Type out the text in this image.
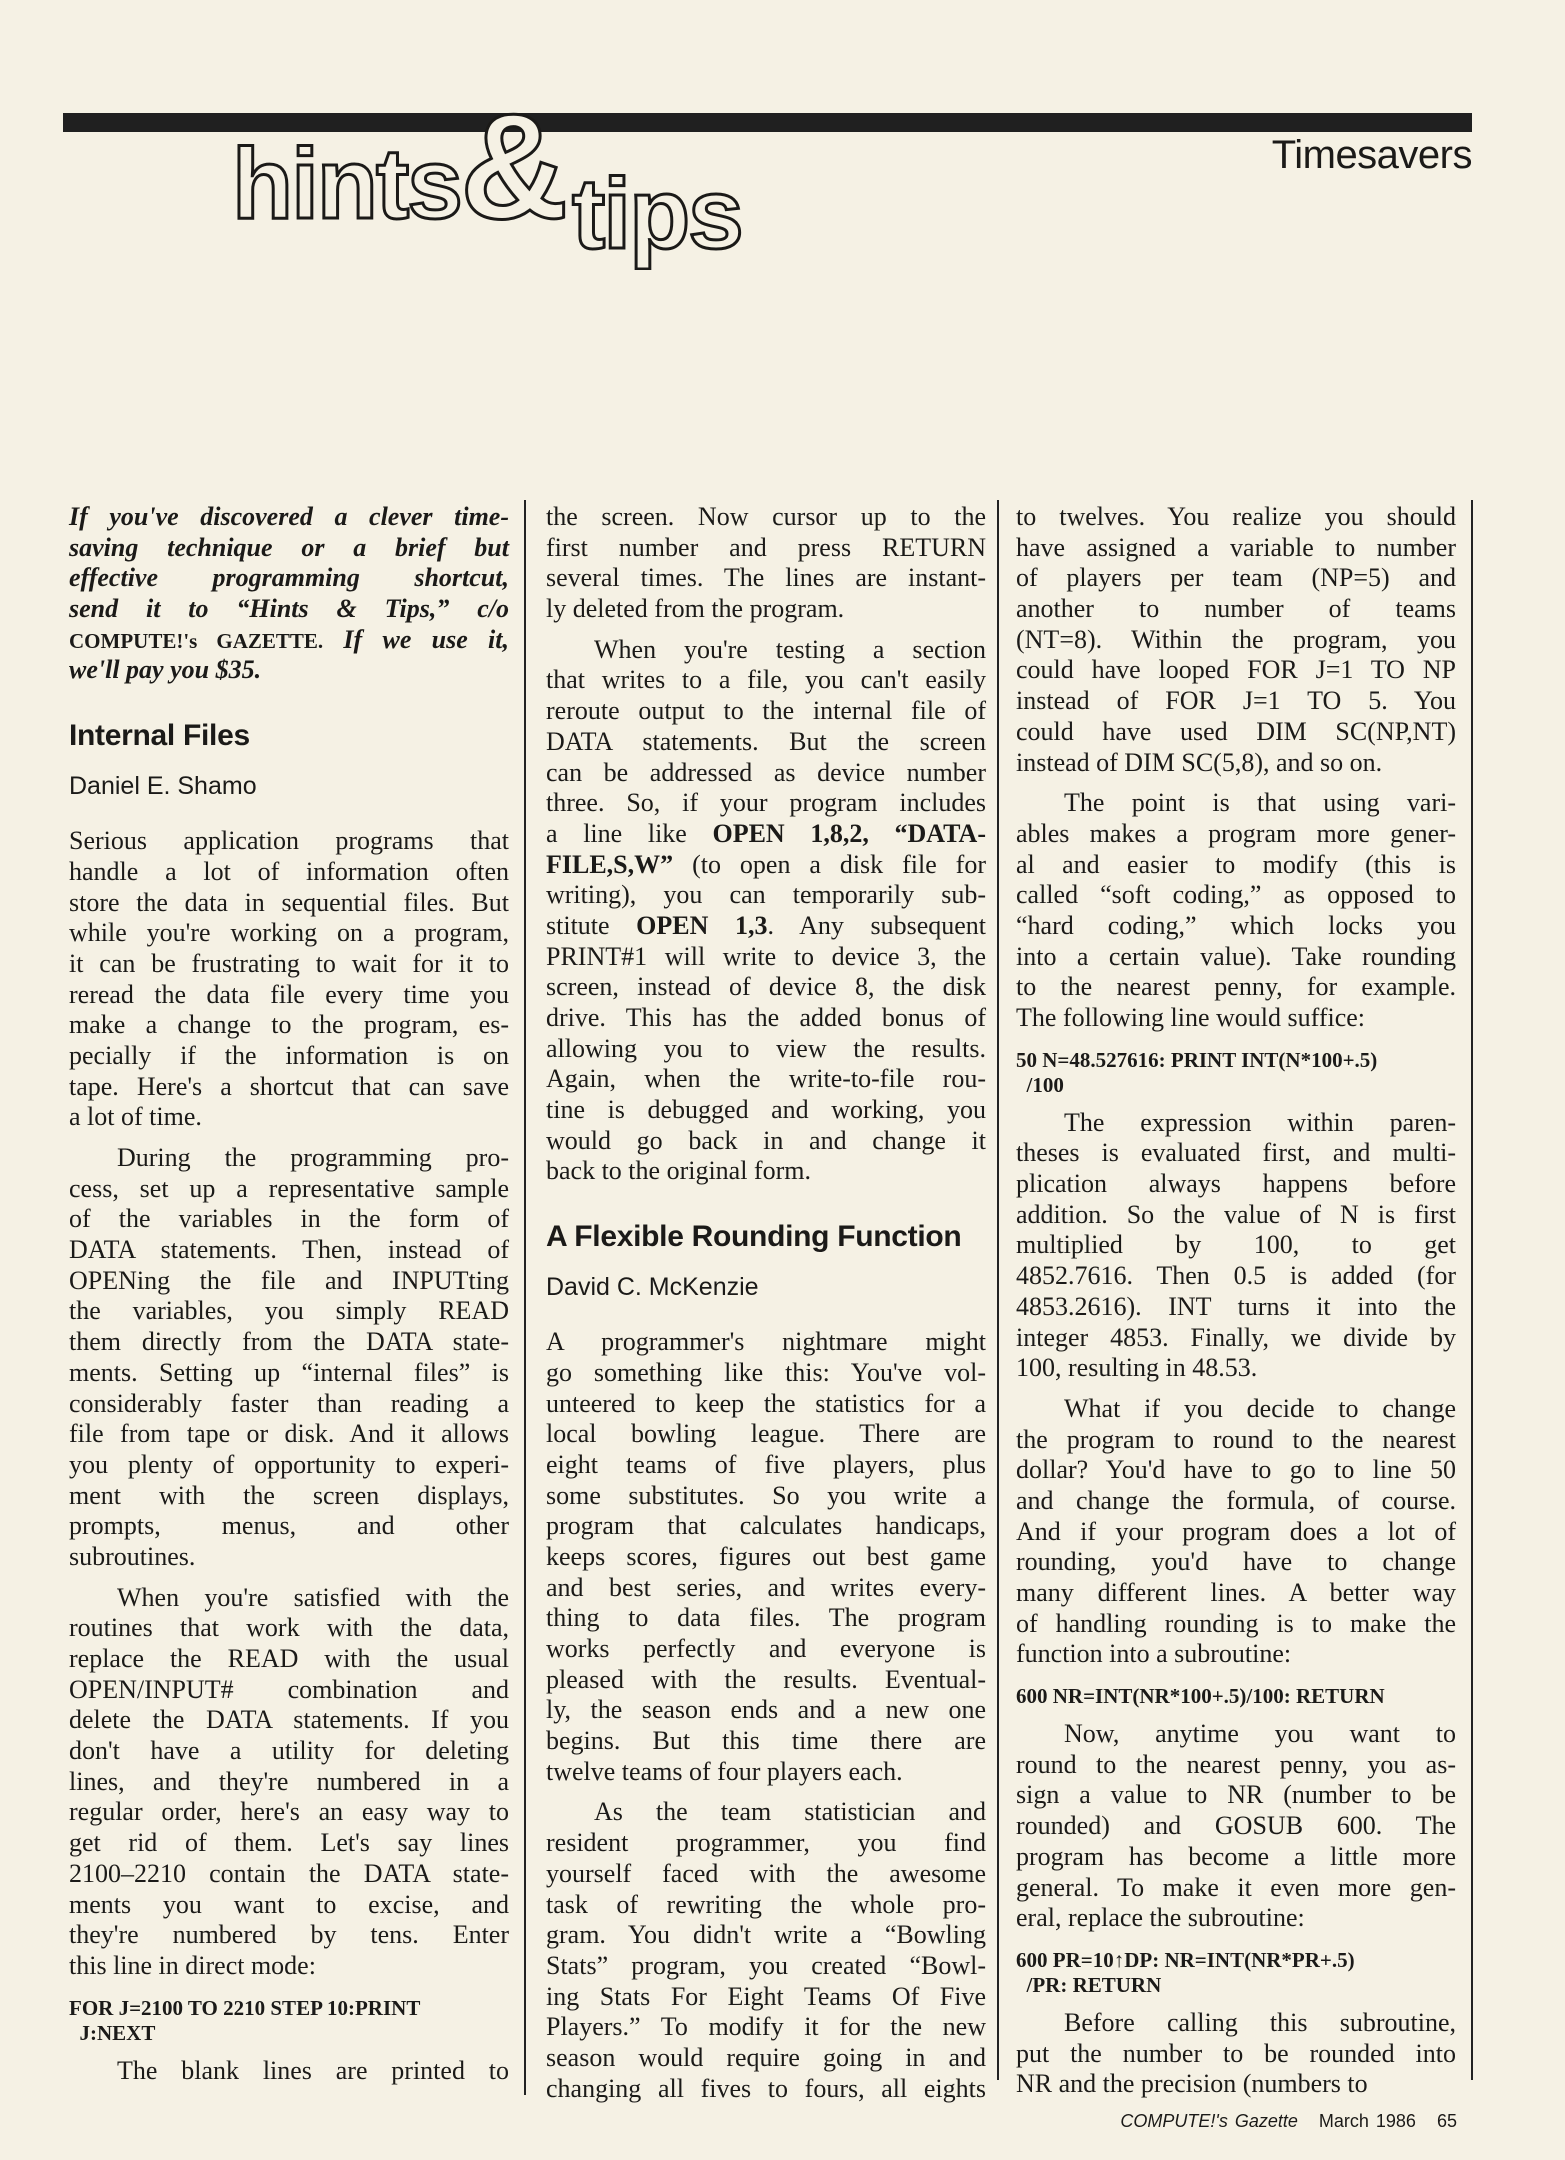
hints & tips
Timesavers
If you've discovered a clever time-
saving technique or a brief but
effective programming shortcut,
send it to “Hints & Tips,” c/o
COMPUTE!'s GAZETTE. If we use it,
we'll pay you $35.
Internal Files
Daniel E. Shamo
Serious application programs that
handle a lot of information often
store the data in sequential files. But
while you're working on a program,
it can be frustrating to wait for it to
reread the data file every time you
make a change to the program, es-
pecially if the information is on
tape. Here's a shortcut that can save
a lot of time.
During the programming pro-
cess, set up a representative sample
of the variables in the form of
DATA statements. Then, instead of
OPENing the file and INPUTting
the variables, you simply READ
them directly from the DATA state-
ments. Setting up “internal files” is
considerably faster than reading a
file from tape or disk. And it allows
you plenty of opportunity to experi-
ment with the screen displays,
prompts, menus, and other
subroutines.
When you're satisfied with the
routines that work with the data,
replace the READ with the usual
OPEN/INPUT# combination and
delete the DATA statements. If you
don't have a utility for deleting
lines, and they're numbered in a
regular order, here's an easy way to
get rid of them. Let's say lines
2100–2210 contain the DATA state-
ments you want to excise, and
they're numbered by tens. Enter
this line in direct mode:
FOR J=2100 TO 2210 STEP 10:PRINT
J:NEXT
The blank lines are printed to
the screen. Now cursor up to the
first number and press RETURN
several times. The lines are instant-
ly deleted from the program.
When you're testing a section
that writes to a file, you can't easily
reroute output to the internal file of
DATA statements. But the screen
can be addressed as device number
three. So, if your program includes
a line like OPEN 1,8,2, “DATA-
FILE,S,W” (to open a disk file for
writing), you can temporarily sub-
stitute OPEN 1,3. Any subsequent
PRINT#1 will write to device 3, the
screen, instead of device 8, the disk
drive. This has the added bonus of
allowing you to view the results.
Again, when the write-to-file rou-
tine is debugged and working, you
would go back in and change it
back to the original form.
A Flexible Rounding Function
David C. McKenzie
A programmer's nightmare might
go something like this: You've vol-
unteered to keep the statistics for a
local bowling league. There are
eight teams of five players, plus
some substitutes. So you write a
program that calculates handicaps,
keeps scores, figures out best game
and best series, and writes every-
thing to data files. The program
works perfectly and everyone is
pleased with the results. Eventual-
ly, the season ends and a new one
begins. But this time there are
twelve teams of four players each.
As the team statistician and
resident programmer, you find
yourself faced with the awesome
task of rewriting the whole pro-
gram. You didn't write a “Bowling
Stats” program, you created “Bowl-
ing Stats For Eight Teams Of Five
Players.” To modify it for the new
season would require going in and
changing all fives to fours, all eights
to twelves. You realize you should
have assigned a variable to number
of players per team (NP=5) and
another to number of teams
(NT=8). Within the program, you
could have looped FOR J=1 TO NP
instead of FOR J=1 TO 5. You
could have used DIM SC(NP,NT)
instead of DIM SC(5,8), and so on.
The point is that using vari-
ables makes a program more gener-
al and easier to modify (this is
called “soft coding,” as opposed to
“hard coding,” which locks you
into a certain value). Take rounding
to the nearest penny, for example.
The following line would suffice:
50 N=48.527616: PRINT INT(N*100+.5)
/100
The expression within paren-
theses is evaluated first, and multi-
plication always happens before
addition. So the value of N is first
multiplied by 100, to get
4852.7616. Then 0.5 is added (for
4853.2616). INT turns it into the
integer 4853. Finally, we divide by
100, resulting in 48.53.
What if you decide to change
the program to round to the nearest
dollar? You'd have to go to line 50
and change the formula, of course.
And if your program does a lot of
rounding, you'd have to change
many different lines. A better way
of handling rounding is to make the
function into a subroutine:
600 NR=INT(NR*100+.5)/100: RETURN
Now, anytime you want to
round to the nearest penny, you as-
sign a value to NR (number to be
rounded) and GOSUB 600. The
program has become a little more
general. To make it even more gen-
eral, replace the subroutine:
600 PR=10↑DP: NR=INT(NR*PR+.5)
/PR: RETURN
Before calling this subroutine,
put the number to be rounded into
NR and the precision (numbers to
COMPUTE!'s Gazette March 1986 65
